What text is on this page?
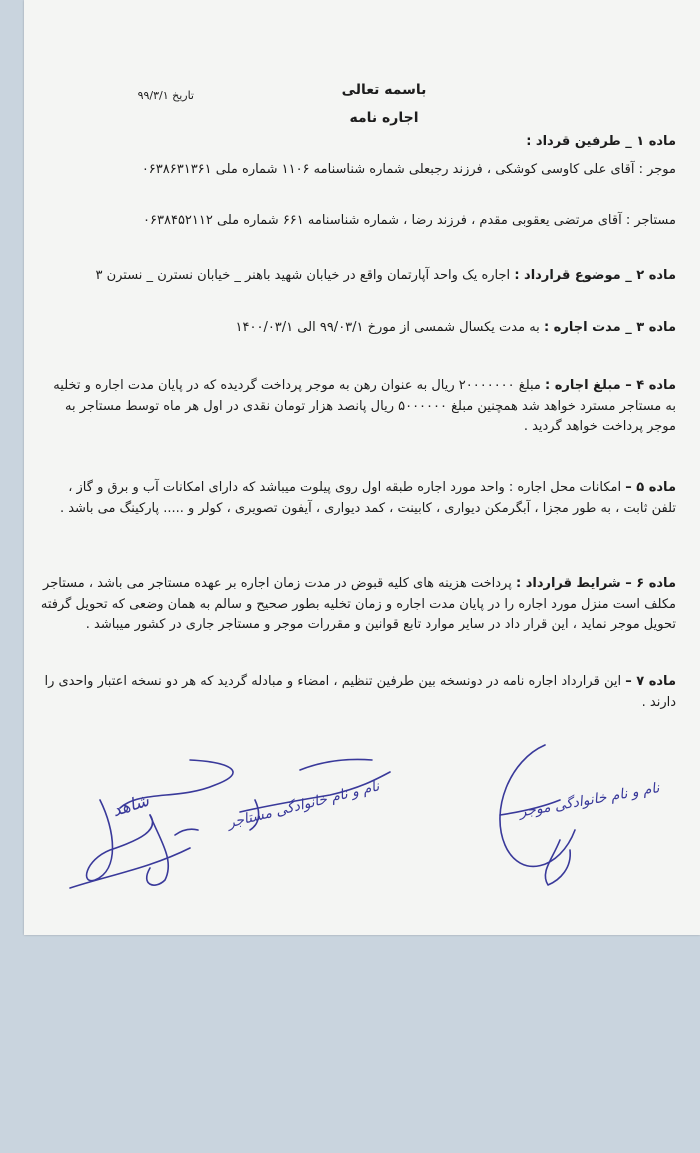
تاریخ ۹۹/۳/۱	باسمه تعالی
اجاره نامه
ماده ۱ _ طرفین قرداد :
موجر : آقای علی کاوسی کوشکی ، فرزند رجبعلی شماره شناسنامه ۱۱۰۶ شماره ملی ۰۶۳۸۶۳۱۳۶۱
مستاجر : آقای مرتضی یعقوبی مقدم ، فرزند رضا ، شماره شناسنامه ۶۶۱ شماره ملی ۰۶۳۸۴۵۲۱۱۲
ماده ۲ _ موضوع قرارداد : اجاره یک واحد آپارتمان واقع در خیابان شهید باهنر _ خیابان نسترن _ نسترن ۳
ماده ۳ _ مدت اجاره : به مدت یکسال شمسی از مورخ ۹۹/۰۳/۱ الی ۱۴۰۰/۰۳/۱
ماده ۴ – مبلغ اجاره : مبلغ ۲۰۰۰۰۰۰۰ ریال به عنوان رهن به موجر پرداخت گردیده که در پایان مدت اجاره و تخلیه به مستاجر مسترد خواهد شد همچنین مبلغ ۵۰۰۰۰۰۰ ریال پانصد هزار تومان نقدی در اول هر ماه توسط مستاجر به موجر پرداخت خواهد گردید .
ماده ۵ – امکانات محل اجاره : واحد مورد اجاره طبقه اول روی پیلوت میباشد که دارای امکانات آب و برق و گاز ، تلفن ثابت ، به طور مجزا ، آبگرمکن دیواری ، کابینت ، کمد دیواری ، آیفون تصویری ، کولر و ..... پارکینگ می باشد .
ماده ۶ – شرایط قرارداد : پرداخت هزینه های کلیه قبوض در مدت زمان اجاره بر عهده مستاجر می باشد ، مستاجر مکلف است منزل مورد اجاره را در پایان مدت اجاره و زمان تخلیه بطور صحیح و سالم به همان وضعی که تحویل گرفته تحویل موجر نماید ، این قرار داد در سایر موارد تابع قوانین و مقررات موجر و مستاجر جاری در کشور میباشد .
ماده ۷ – این قرارداد اجاره نامه در دونسخه بین طرفین تنظیم ، امضاء و مبادله گردید که هر دو نسخه اعتبار واحدی را دارند .
شاهد	نام و نام خانوادگی مستاجر	نام و نام خانوادگی موجر
